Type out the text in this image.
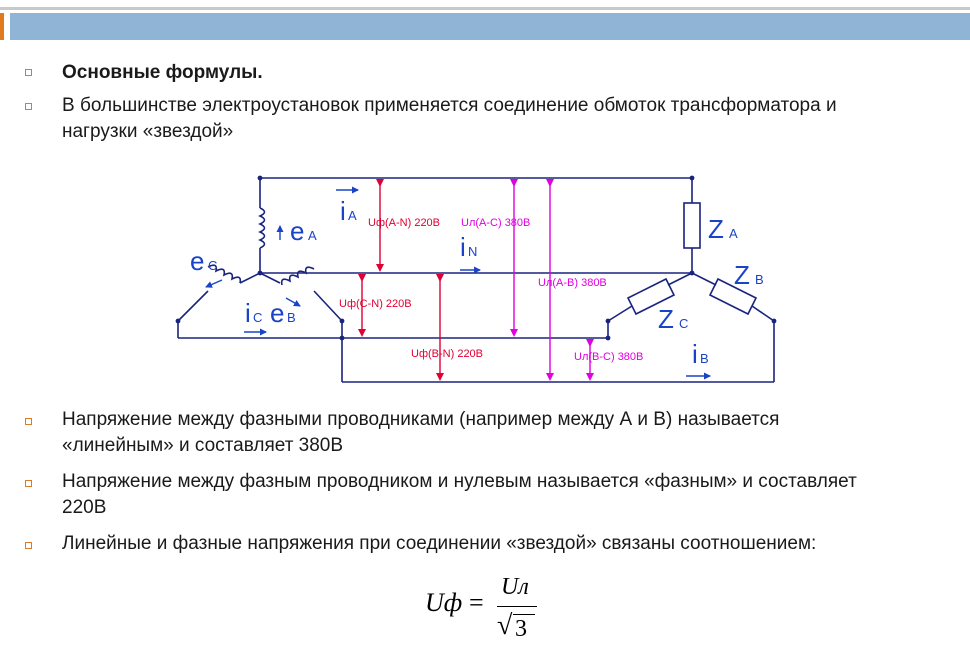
Основные формулы.
В большинстве электроустановок применяется соединение обмоток трансформатора и
нагрузки «звездой»
Uф(A-N) 220В
Uф(C-N) 220В
Uф(B-N) 220В
Uл(A-C) 380В
Uл(A-B) 380В
Uл(B-C) 380В
e A
e C
e B
i A
i N
i C
i B
Z A
Z B
Z C
Напряжение между фазными проводниками (например между А и В) называется
«линейным» и составляет 380В
Напряжение между фазным проводником и нулевым называется «фазным» и составляет
220В
Линейные и фазные напряжения при соединении «звездой» связаны соотношением:
Uф =
Uл
√ 3
